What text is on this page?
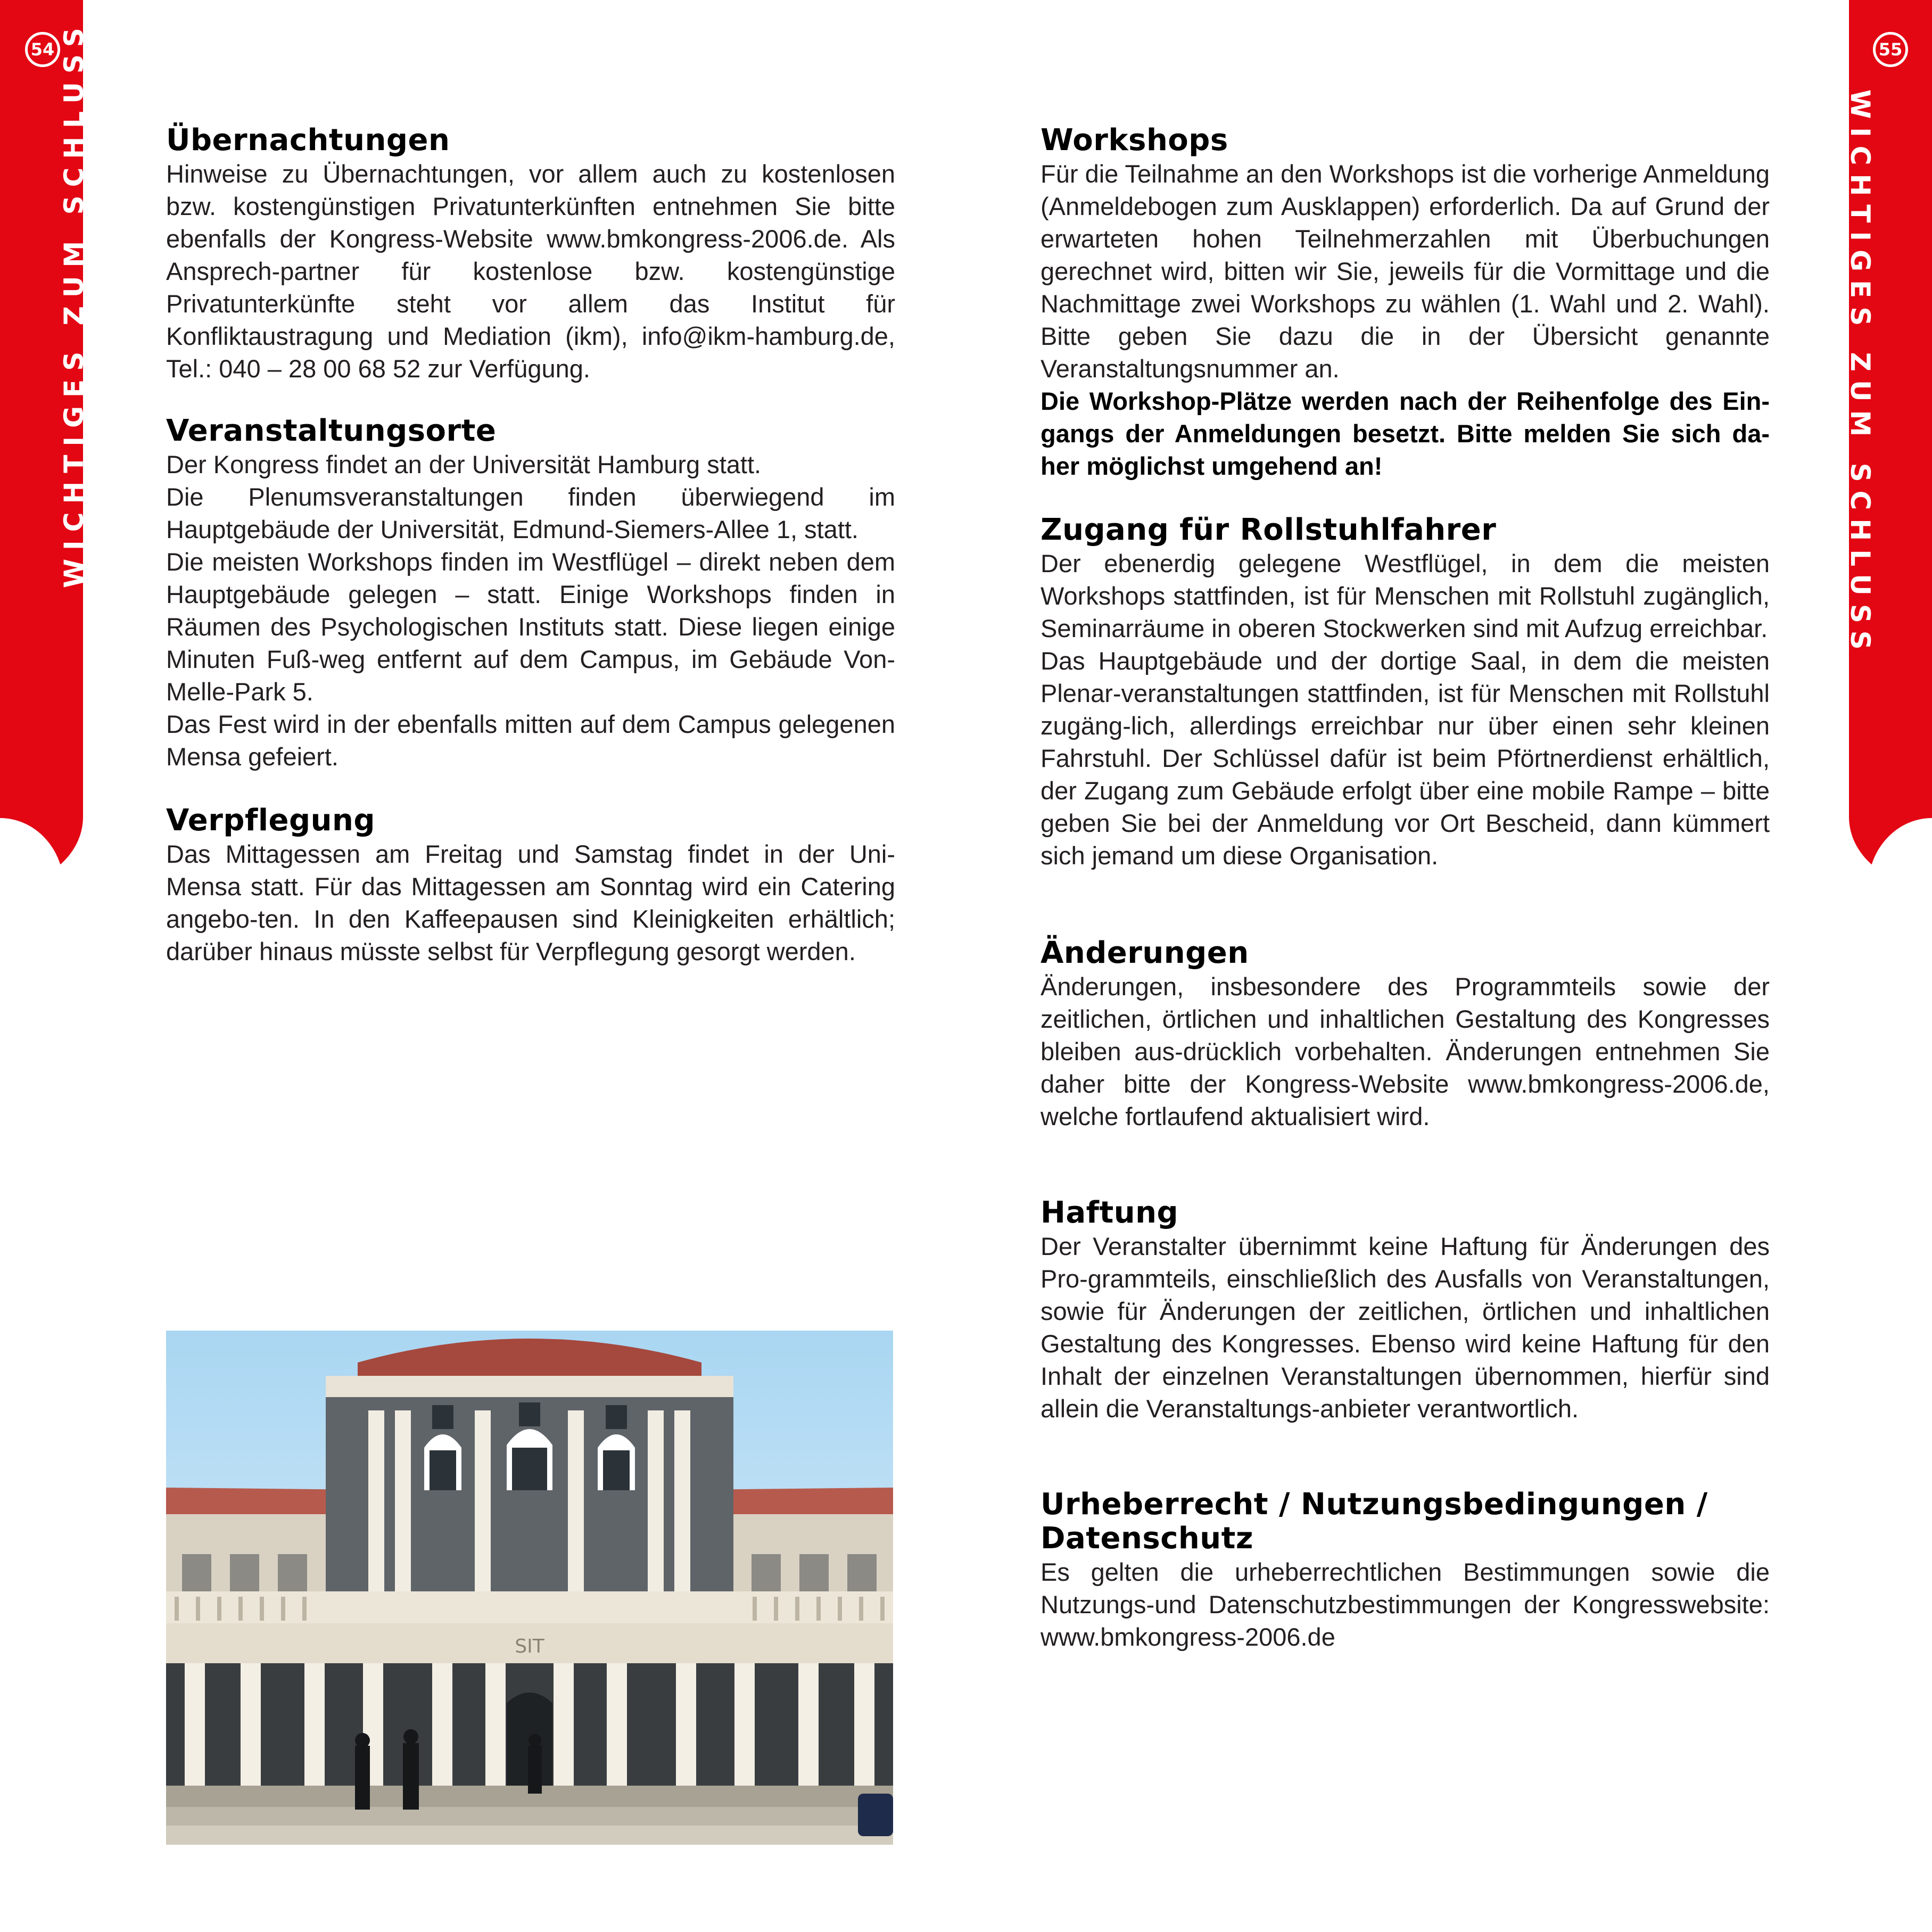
54 WICHTIGES ZUM SCHLUSS	Übernachtungen

Hinweise zu Übernachtungen, vor allem auch zu kostenlosen bzw. kostengünstigen Privatunterkünften entnehmen Sie bitte ebenfalls der Kongress-Website www.bmkongress-2006.de. Als Ansprech-partner für kostenlose bzw. kostengünstige Privatunterkünfte steht vor allem das Institut für Konfliktaustragung und Mediation (ikm), info@ikm-hamburg.de, Tel.: 040 – 28 00 68 52 zur Verfügung.

Veranstaltungsorte

Der Kongress findet an der Universität Hamburg statt.

Die Plenumsveranstaltungen finden überwiegend im Hauptgebäude der Universität, Edmund-Siemers-Allee 1, statt.

Die meisten Workshops finden im Westflügel – direkt neben dem Hauptgebäude gelegen – statt. Einige Workshops finden in Räumen des Psychologischen Instituts statt. Diese liegen einige Minuten Fuß-weg entfernt auf dem Campus, im Gebäude Von-Melle-Park 5.

Das Fest wird in der ebenfalls mitten auf dem Campus gelegenen Mensa gefeiert.

Verpflegung

Das Mittagessen am Freitag und Samstag findet in der Uni-Mensa statt. Für das Mittagessen am Sonntag wird ein Catering angebo-ten. In den Kaffeepausen sind Kleinigkeiten erhältlich; darüber hinaus müsste selbst für Verpflegung gesorgt werden.

SIT
55
WICHTIGES ZUM SCHLUSS
Workshops

Für die Teilnahme an den Workshops ist die vorherige Anmeldung (Anmeldebogen zum Ausklappen) erforderlich. Da auf Grund der erwarteten hohen Teilnehmerzahlen mit Überbuchungen gerechnet wird, bitten wir Sie, jeweils für die Vormittage und die Nachmittage zwei Workshops zu wählen (1. Wahl und 2. Wahl). Bitte geben Sie dazu die in der Übersicht genannte Veranstaltungsnummer an.

Die Workshop-Plätze werden nach der Reihenfolge des Ein-gangs der Anmeldungen besetzt. Bitte melden Sie sich da-her möglichst umgehend an!

Zugang für Rollstuhlfahrer

Der ebenerdig gelegene Westflügel, in dem die meisten Workshops stattfinden, ist für Menschen mit Rollstuhl zugänglich, Seminarräume in oberen Stockwerken sind mit Aufzug erreichbar.

Das Hauptgebäude und der dortige Saal, in dem die meisten Plenar-veranstaltungen stattfinden, ist für Menschen mit Rollstuhl zugäng-lich, allerdings erreichbar nur über einen sehr kleinen Fahrstuhl. Der Schlüssel dafür ist beim Pförtnerdienst erhältlich, der Zugang zum Gebäude erfolgt über eine mobile Rampe – bitte geben Sie bei der Anmeldung vor Ort Bescheid, dann kümmert sich jemand um diese Organisation.

Änderungen

Änderungen, insbesondere des Programmteils sowie der zeitlichen, örtlichen und inhaltlichen Gestaltung des Kongresses bleiben aus-drücklich vorbehalten. Änderungen entnehmen Sie daher bitte der Kongress-Website www.bmkongress-2006.de, welche fortlaufend aktualisiert wird.

Haftung

Der Veranstalter übernimmt keine Haftung für Änderungen des Pro-grammteils, einschließlich des Ausfalls von Veranstaltungen, sowie für Änderungen der zeitlichen, örtlichen und inhaltlichen Gestaltung des Kongresses. Ebenso wird keine Haftung für den Inhalt der einzelnen Veranstaltungen übernommen, hierfür sind allein die Veranstaltungs-anbieter verantwortlich.

Urheberrecht / Nutzungsbedingungen / Datenschutz

Es gelten die urheberrechtlichen Bestimmungen sowie die Nutzungs-und Datenschutzbestimmungen der Kongresswebsite: www.bmkongress-2006.de
